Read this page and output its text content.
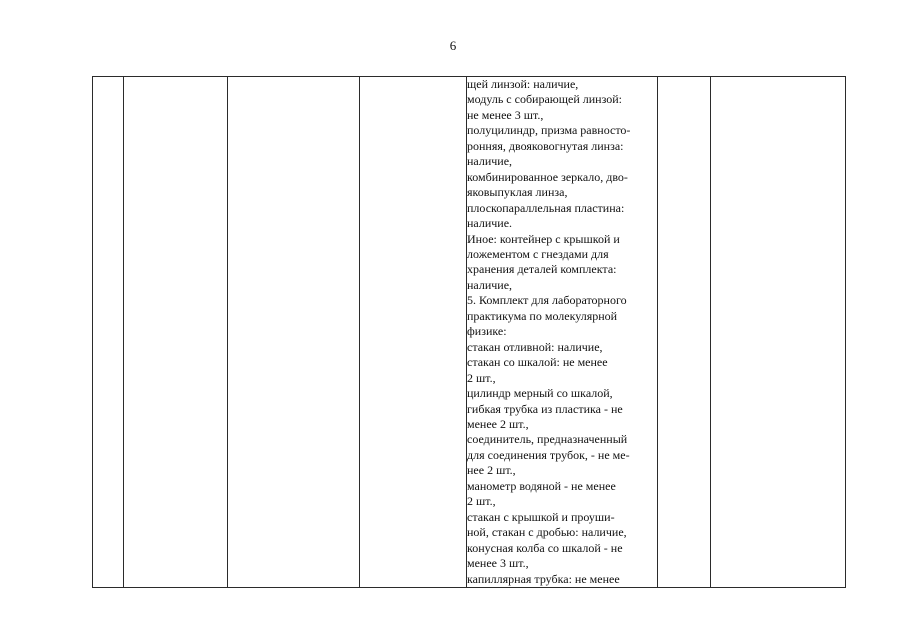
6

щей линзой: наличие,
модуль с собирающей линзой:
не менее 3 шт.,
полуцилиндр, призма равносто-
ронняя, двояковогнутая линза:
наличие,
комбинированное зеркало, дво-
яковыпуклая линза,
плоскопараллельная пластина:
наличие.
Иное: контейнер с крышкой и
ложементом с гнездами для
хранения деталей комплекта:
наличие,
5. Комплект для лабораторного
практикума по молекулярной
физике:
стакан отливной: наличие,
стакан со шкалой: не менее
2 шт.,
цилиндр мерный со шкалой,
гибкая трубка из пластика - не
менее 2 шт.,
соединитель, предназначенный
для соединения трубок, - не ме-
нее 2 шт.,
манометр водяной - не менее
2 шт.,
стакан с крышкой и проуши-
ной, стакан с дробью: наличие,
конусная колба со шкалой - не
менее 3 шт.,
капиллярная трубка: не менее
